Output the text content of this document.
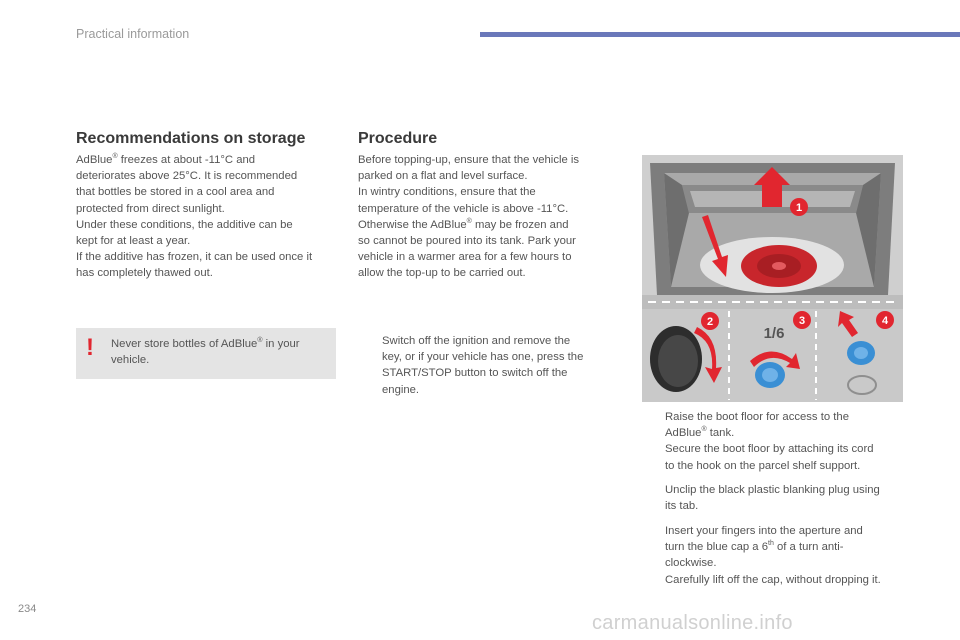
Practical information
Recommendations on storage

AdBlue® freezes at about -11°C and

deteriorates above 25°C. It is recommended

that bottles be stored in a cool area and

protected from direct sunlight.

Under these conditions, the additive can be

kept for at least a year.

If the additive has frozen, it can be used once it

has completely thawed out.

! Never store bottles of AdBlue® in your
vehicle.
Procedure

Before topping-up, ensure that the vehicle is

parked on a flat and level surface.

In wintry conditions, ensure that the

temperature of the vehicle is above -11°C.

Otherwise the AdBlue® may be frozen and

so cannot be poured into its tank. Park your

vehicle in a warmer area for a few hours to

allow the top-up to be carried out.

Switch off the ignition and remove the
key, or if your vehicle has one, press the
START/STOP button to switch off the
engine.
1
2	3	4
1/6
Raise the boot floor for access to the
AdBlue® tank.
Secure the boot floor by attaching its cord
to the hook on the parcel shelf support.
Unclip the black plastic blanking plug using
its tab.
Insert your fingers into the aperture and
turn the blue cap a 6th of a turn anti-
clockwise.
Carefully lift off the cap, without dropping it.
234
carmanualsonline.info
